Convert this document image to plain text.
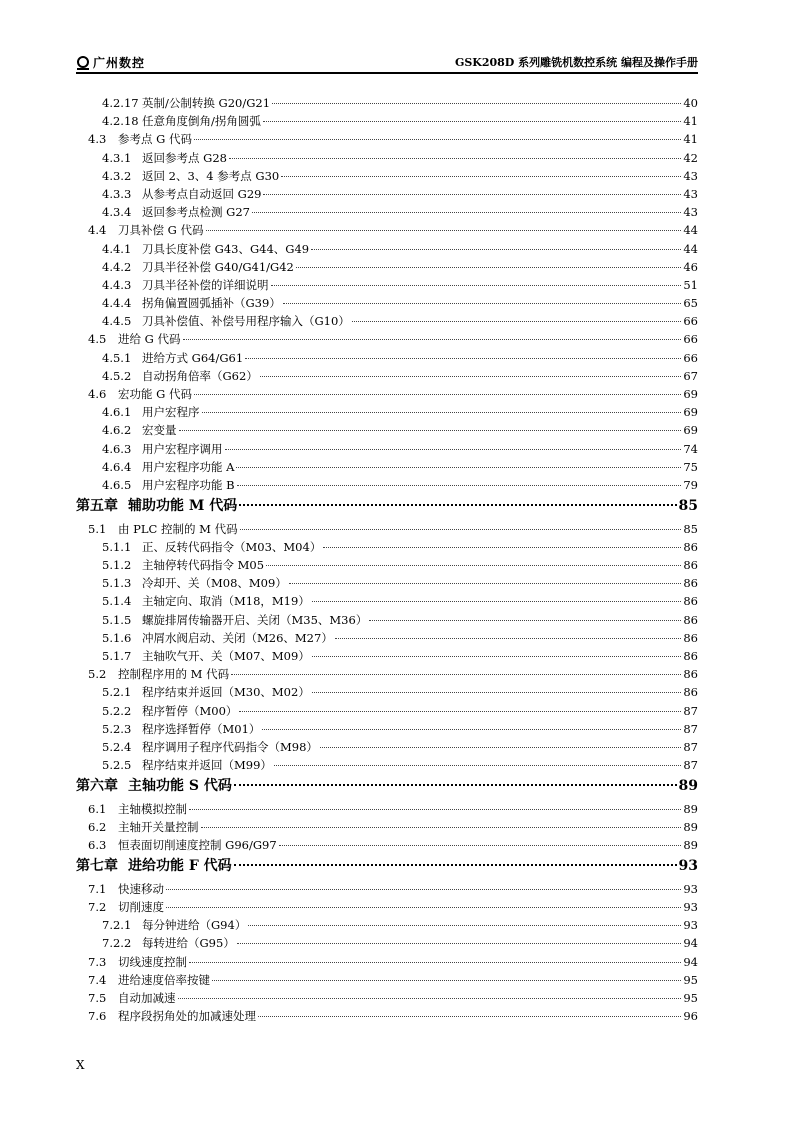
广州数控	GSK208D 系列雕铣机数控系统 编程及操作手册
4.2.17 英制/公制转换 G20/G21	40
4.2.18 任意角度倒角/拐角圆弧	41
4.3	参考点 G 代码	41
4.3.1 返回参考点 G28	42
4.3.2 返回 2、3、4 参考点 G30	43
4.3.3 从参考点自动返回 G29	43
4.3.4 返回参考点检测 G27	43
4.4	刀具补偿 G 代码	44
4.4.1 刀具长度补偿 G43、G44、G49	44
4.4.2 刀具半径补偿 G40/G41/G42	46
4.4.3 刀具半径补偿的详细说明	51
4.4.4 拐角偏置圆弧插补（G39）	65
4.4.5 刀具补偿值、补偿号用程序输入（G10）	66
4.5	进给 G 代码	66
4.5.1 进给方式 G64/G61	66
4.5.2 自动拐角倍率（G62）	67
4.6	宏功能 G 代码	69
4.6.1 用户宏程序	69
4.6.2 宏变量	69
4.6.3 用户宏程序调用	74
4.6.4 用户宏程序功能 A	75
4.6.5 用户宏程序功能 B	79
第五章 辅助功能 M 代码	85
5.1	由 PLC 控制的 M 代码	85
5.1.1 正、反转代码指令（M03、M04）	86
5.1.2 主轴停转代码指令 M05	86
5.1.3 冷却开、关（M08、M09）	86
5.1.4 主轴定向、取消（M18，M19）	86
5.1.5 螺旋排屑传输器开启、关闭（M35、M36）	86
5.1.6 冲屑水阀启动、关闭（M26、M27）	86
5.1.7 主轴吹气开、关（M07、M09）	86
5.2	控制程序用的 M 代码	86
5.2.1 程序结束并返回（M30、M02）	86
5.2.2 程序暂停（M00）	87
5.2.3 程序选择暂停（M01）	87
5.2.4 程序调用子程序代码指令（M98）	87
5.2.5 程序结束并返回（M99）	87
第六章 主轴功能 S 代码	89
6.1	主轴模拟控制	89
6.2	主轴开关量控制	89
6.3	恒表面切削速度控制 G96/G97	89
第七章 进给功能 F 代码	93
7.1	快速移动	93
7.2	切削速度	93
7.2.1 每分钟进给（G94）	93
7.2.2 每转进给（G95）	94
7.3	切线速度控制	94
7.4	进给速度倍率按键	95
7.5	自动加减速	95
7.6	程序段拐角处的加减速处理	96
X
